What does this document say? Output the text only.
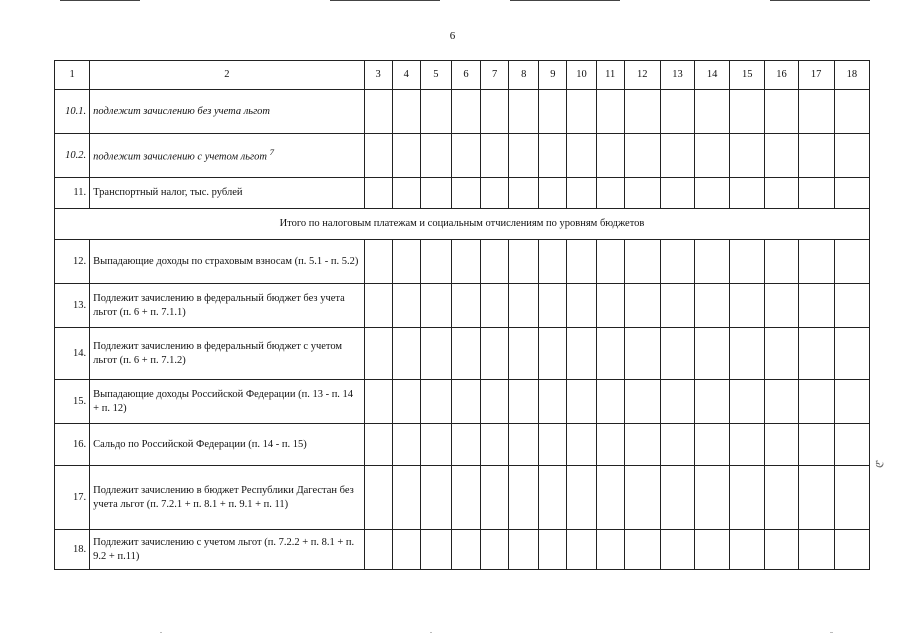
6
1	2	3	4	5	6	7	8	9	10	11	12	13	14	15	16	17	18
10.1.	подлежит зачислению без учета льгот																
10.2.	подлежит зачислению с учетом льгот $^7$																
11.	Транспортный налог, тыс. рублей																
Итого по налоговым платежам и социальным отчислениям по уровням бюджетов																	
12.	Выпадающие доходы по страховым взносам (п. 5.1 - п. 5.2)																
13.	Подлежит зачислению в федеральный бюджет без учета льгот (п. 6 + п. 7.1.1)																
14.	Подлежит зачислению в федеральный бюджет с учетом льгот (п. 6 + п. 7.1.2)																
15.	Выпадающие доходы Российской Федерации (п. 13 - п. 14 + п. 12)																
16.	Сальдо по Российской Федерации (п. 14 - п. 15)																
17.	Подлежит зачислению в бюджет Республики Дагестан без учета льгот (п. 7.2.1 + п. 8.1 + п. 9.1 + п. 11)																
18.	Подлежит зачислению с учетом льгот (п. 7.2.2 + п. 8.1 + п. 9.2 + п.11)																
ℭ
